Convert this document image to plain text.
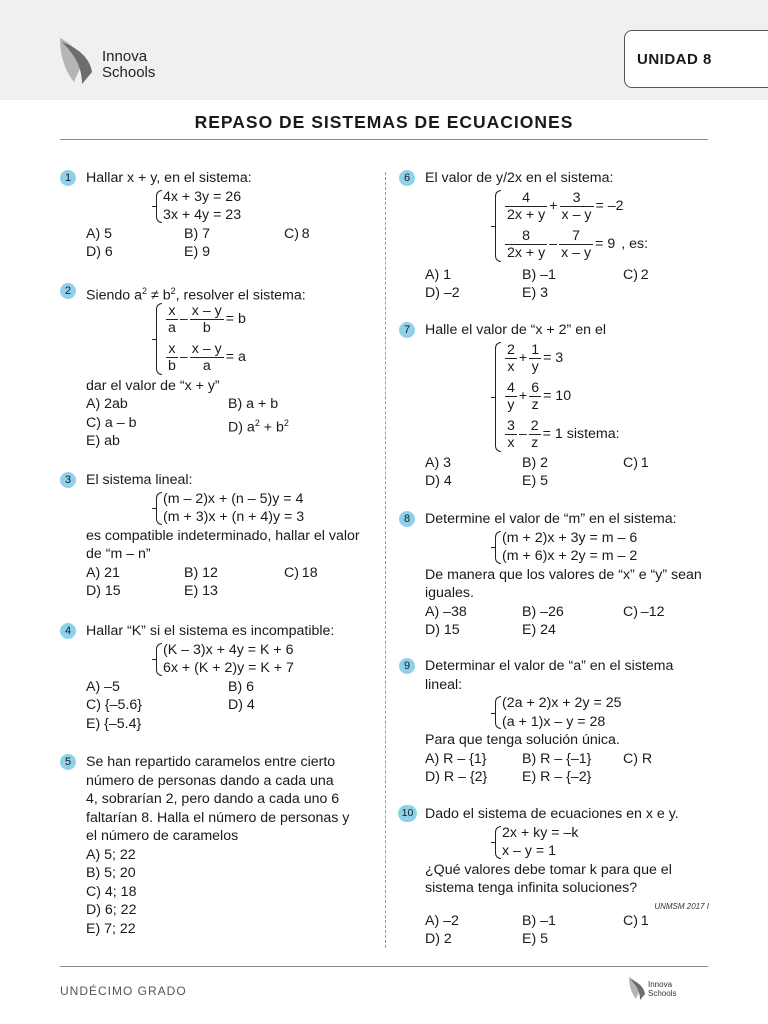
Innova
Schools
UNIDAD 8
REPASO DE SISTEMAS DE ECUACIONES
1	Hallar x + y, en el sistema:
4x + 3y = 26
3x + 4y = 23
A) 5	B) 7	C) 8
D) 6	E) 9
2	Siendo $a^2 \ne b^2$, resolver el sistema:
$\frac{x}{a} - \frac{x - y}{b} = b$
$\frac{x}{b} - \frac{x - y}{a} = a$
dar el valor de “x + y”
A) 2ab	B) a + b
C) a – b	D) $a^2 + b^2$
E) ab
3	El sistema lineal:
(m – 2)x + (n – 5)y = 4
(m + 3)x + (n + 4)y = 3
es compatible indeterminado, hallar el valor
de “m – n”
A) 21	B) 12	C) 18
D) 15	E) 13
4	Hallar “K” si el sistema es incompatible:
(K – 3)x + 4y = K + 6
6x + (K + 2)y = K + 7
A) –5	B) 6
C) {–5.6}	D) 4
E) {–5.4}
5	Se han repartido caramelos entre cierto
número de personas dando a cada una
4, sobrarían 2, pero dando a cada uno 6
faltarían 8. Halla el número de personas y
el número de caramelos
A) 5; 22
B) 5; 20
C) 4; 18
D) 6; 22
E) 7; 22
6	El valor de y/2x en el sistema:
$\frac{4}{2x + y} + \frac{3}{x - y} = -2$
$\frac{8}{2x + y} - \frac{7}{x - y} = 9$ , es:
A) 1	B) –1	C) 2
D) –2	E) 3
7	Halle el valor de “x + 2” en el
$\frac{2}{x} + \frac{1}{y} = 3$
$\frac{4}{y} + \frac{6}{z} = 10$
$\frac{3}{x} - \frac{2}{z} = 1$ sistema:
A) 3	B) 2	C) 1
D) 4	E) 5
8	Determine el valor de “m” en el sistema:
(m + 2)x + 3y = m – 6
(m + 6)x + 2y = m – 2
De manera que los valores de “x” e “y” sean
iguales.
A) –38	B) –26	C) –12
D) 15	E) 24
9	Determinar el valor de “a” en el sistema
lineal:
(2a + 2)x + 2y = 25
(a + 1)x – y = 28
Para que tenga solución única.
A) R – {1} B) R – {–1} C) R
D) R – {2} E) R – {–2}
10 Dado el sistema de ecuaciones en x e y.
2x + ky = –k
x – y = 1
¿Qué valores debe tomar k para que el
sistema tenga infinita soluciones?
UNMSM 2017 I
A) –2	B) –1	C) 1
D) 2	E) 5
UNDÉCIMO GRADO	Innova
Schools
